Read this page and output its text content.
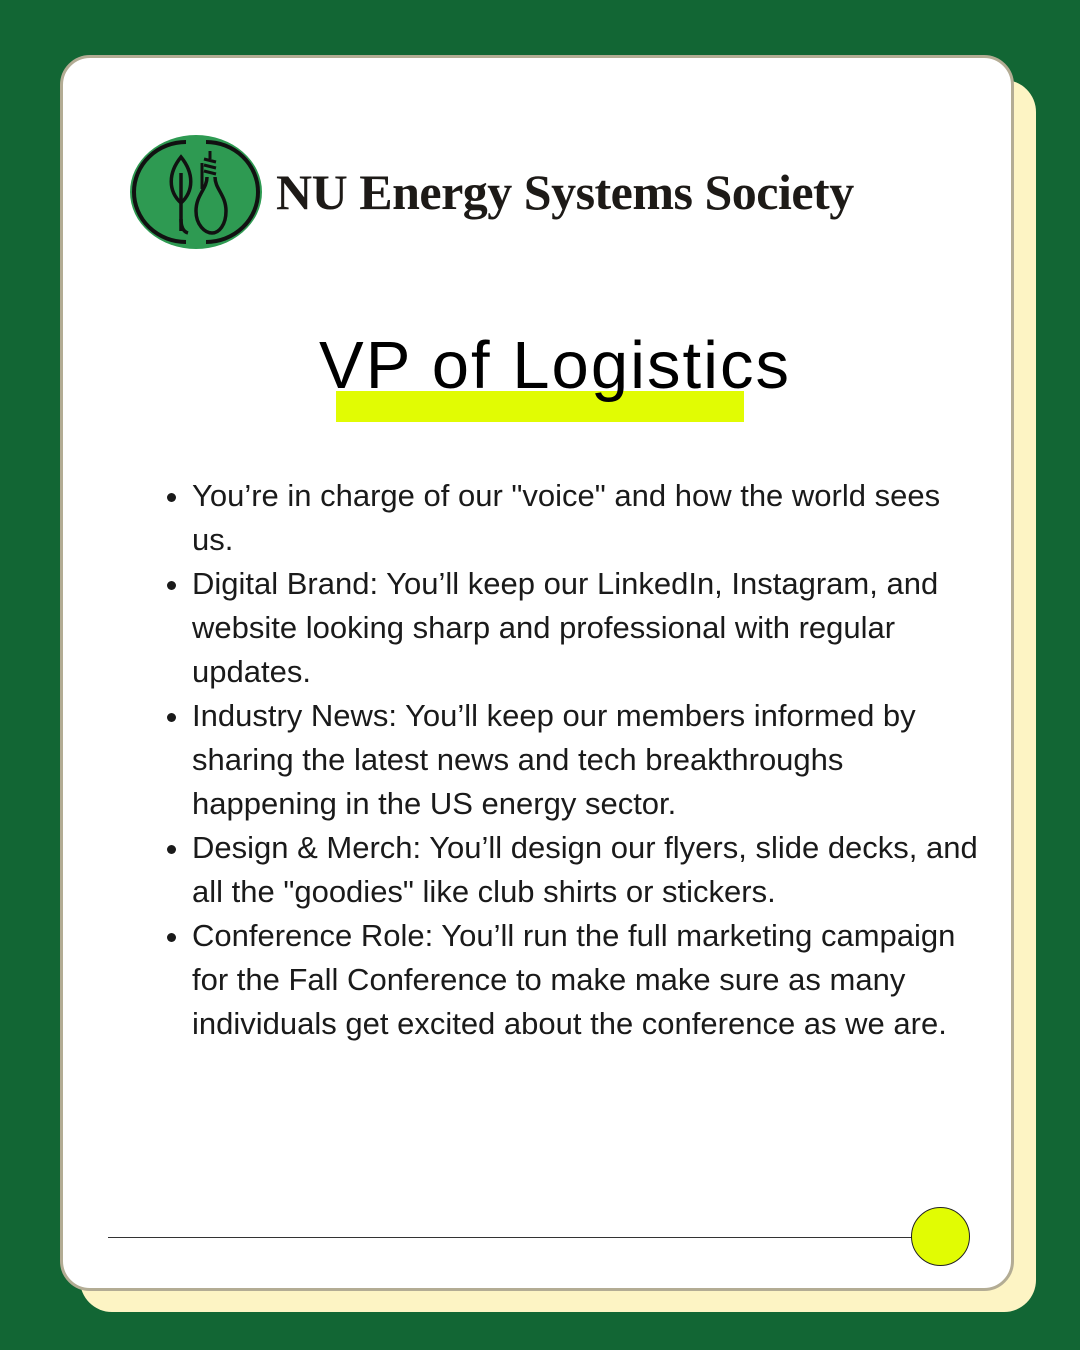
NU Energy Systems Society
VP of Logistics
• You’re in charge of our "voice" and how the world sees us.
• Digital Brand: You’ll keep our LinkedIn, Instagram, and website looking sharp and professional with regular updates.
• Industry News: You’ll keep our members informed by sharing the latest news and tech breakthroughs happening in the US energy sector.
• Design & Merch: You’ll design our flyers, slide decks, and all the "goodies" like club shirts or stickers.
• Conference Role: You’ll run the full marketing campaign for the Fall Conference to make make sure as many individuals get excited about the conference as we are.
